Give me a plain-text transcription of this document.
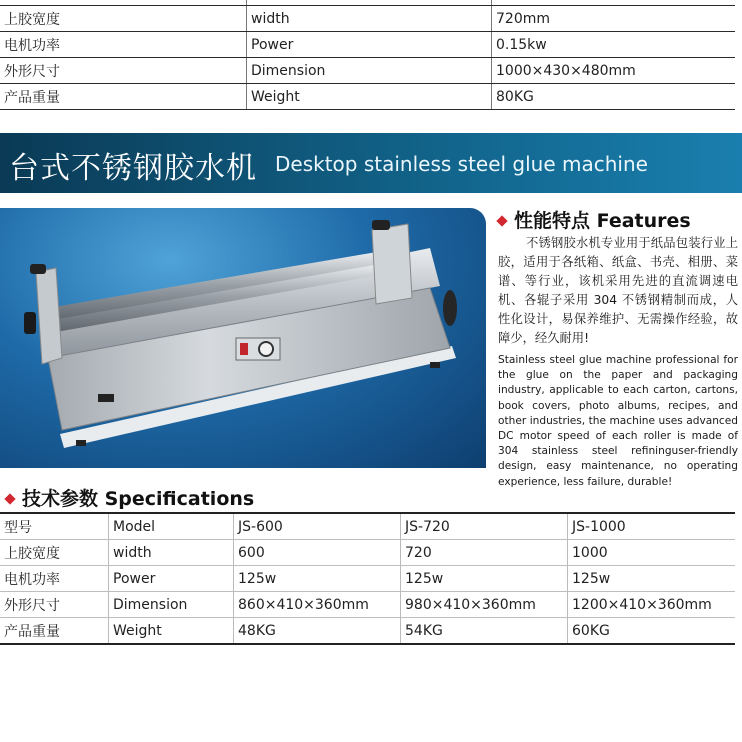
上胶宽度	width	720mm
电机功率	Power	0.15kw
外形尺寸	Dimension	1000×430×480mm
产品重量	Weight	80KG
台式不锈钢胶水机 Desktop stainless steel glue machine
性能特点 Features
不锈钢胶水机专业用于纸品包装行业上胶，适用于各纸箱、纸盒、书壳、相册、菜谱、等行业，该机采用先进的直流调速电机、各辊子采用 304 不锈钢精制而成，人性化设计，易保养维护、无需操作经验，故障少，经久耐用!
Stainless steel glue machine professional for the glue on the paper and packaging industry, applicable to each carton, cartons, book covers, photo albums, recipes, and other industries, the machine uses advanced DC motor speed of each roller is made of 304 stainless steel refininguser-friendly design, easy maintenance, no operating experience, less failure, durable!
技术参数 Specifications
型号	Model	JS-600	JS-720	JS-1000
上胶宽度	width	600	720	1000
电机功率	Power	125w	125w	125w
外形尺寸	Dimension	860×410×360mm	980×410×360mm	1200×410×360mm
产品重量	Weight	48KG	54KG	60KG
